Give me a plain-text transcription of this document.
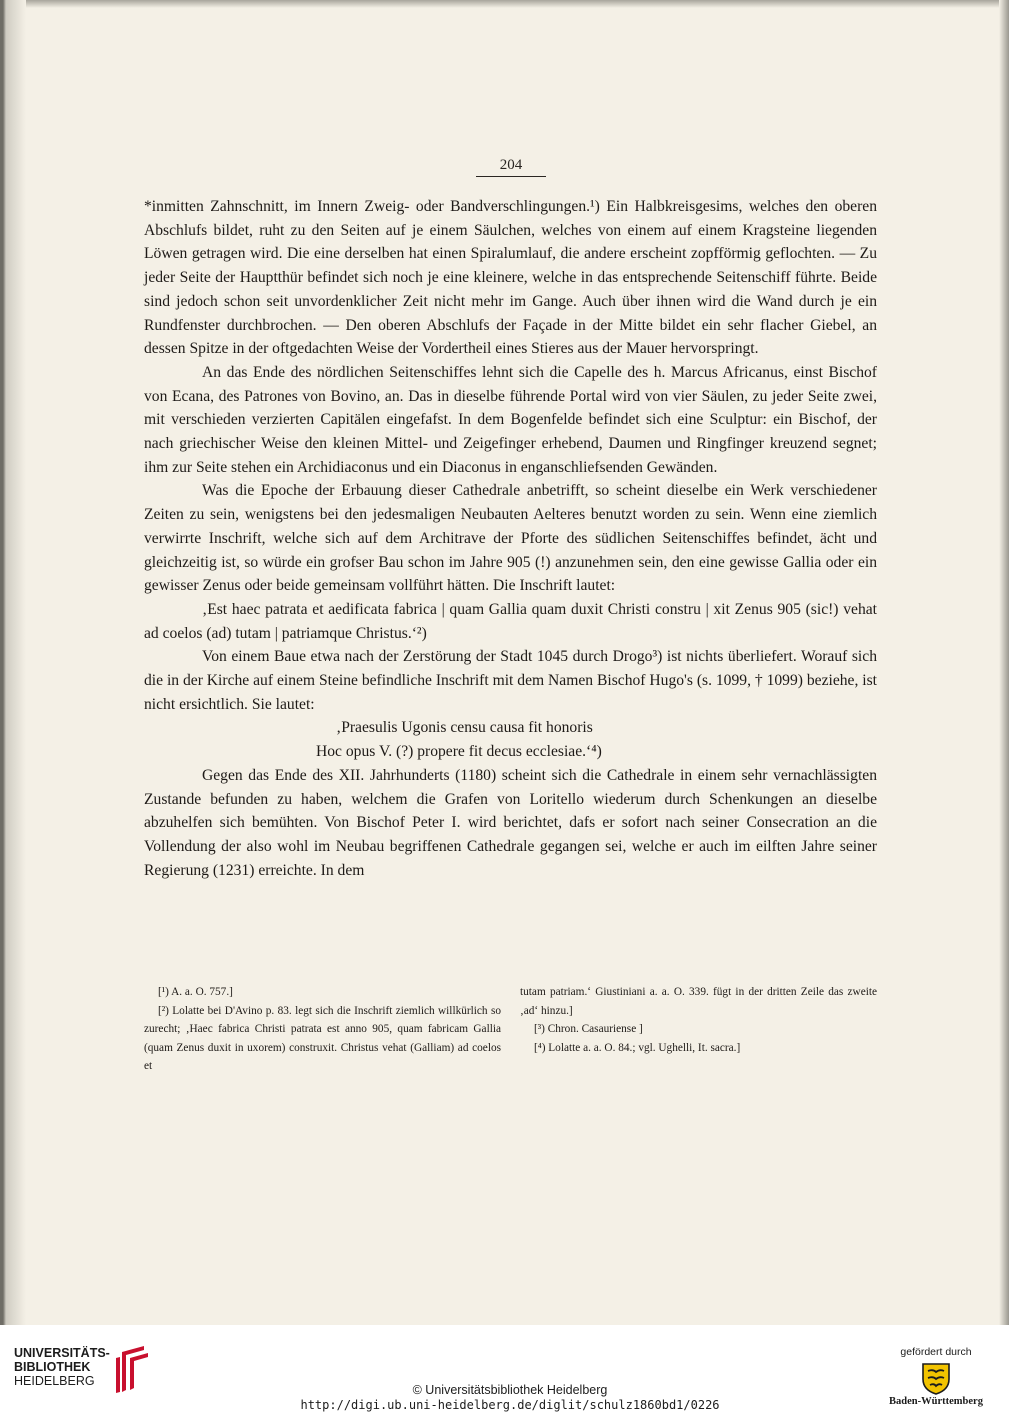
204

*inmitten Zahnschnitt, im Innern Zweig- oder Bandverschlingungen.¹) Ein Halbkreisgesims, welches den oberen Abschlufs bildet, ruht zu den Seiten auf je einem Säulchen, welches von einem auf einem Kragsteine liegenden Löwen getragen wird. Die eine derselben hat einen Spiralumlauf, die andere erscheint zopfförmig geflochten. — Zu jeder Seite der Hauptthür befindet sich noch je eine kleinere, welche in das entsprechende Seitenschiff führte. Beide sind jedoch schon seit unvordenklicher Zeit nicht mehr im Gange. Auch über ihnen wird die Wand durch je ein Rundfenster durchbrochen. — Den oberen Abschlufs der Façade in der Mitte bildet ein sehr flacher Giebel, an dessen Spitze in der oftgedachten Weise der Vordertheil eines Stieres aus der Mauer hervorspringt.

An das Ende des nördlichen Seitenschiffes lehnt sich die Capelle des h. Marcus Africanus, einst Bischof von Ecana, des Patrones von Bovino, an. Das in dieselbe führende Portal wird von vier Säulen, zu jeder Seite zwei, mit verschieden verzierten Capitälen eingefafst. In dem Bogenfelde befindet sich eine Sculptur: ein Bischof, der nach griechischer Weise den kleinen Mittel- und Zeigefinger erhebend, Daumen und Ringfinger kreuzend segnet; ihm zur Seite stehen ein Archidiaconus und ein Diaconus in enganschliefsenden Gewänden.

Was die Epoche der Erbauung dieser Cathedrale anbetrifft, so scheint dieselbe ein Werk verschiedener Zeiten zu sein, wenigstens bei den jedesmaligen Neubauten Aelteres benutzt worden zu sein. Wenn eine ziemlich verwirrte Inschrift, welche sich auf dem Architrave der Pforte des südlichen Seitenschiffes befindet, ächt und gleichzeitig ist, so würde ein grofser Bau schon im Jahre 905 (!) anzunehmen sein, den eine gewisse Gallia oder ein gewisser Zenus oder beide gemeinsam vollführt hätten. Die Inschrift lautet:

‚Est haec patrata et aedificata fabrica | quam Gallia quam duxit Christi constru | xit Zenus 905 (sic!) vehat ad coelos (ad) tutam | patriamque Christus.‘²)

Von einem Baue etwa nach der Zerstörung der Stadt 1045 durch Drogo³) ist nichts überliefert. Worauf sich die in der Kirche auf einem Steine befindliche Inschrift mit dem Namen Bischof Hugo's (s. 1099, † 1099) beziehe, ist nicht ersichtlich. Sie lautet:

‚Praesulis Ugonis censu causa fit honoris

Hoc opus V. (?) propere fit decus ecclesiae.‘⁴)

Gegen das Ende des XII. Jahrhunderts (1180) scheint sich die Cathedrale in einem sehr vernachlässigten Zustande befunden zu haben, welchem die Grafen von Loritello wiederum durch Schenkungen an dieselbe abzuhelfen sich bemühten. Von Bischof Peter I. wird berichtet, dafs er sofort nach seiner Consecration an die Vollendung der also wohl im Neubau begriffenen Cathedrale gegangen sei, welche er auch im eilften Jahre seiner Regierung (1231) erreichte. In dem

[¹) A. a. O. 757.]

[²) Lolatte bei D'Avino p. 83. legt sich die Inschrift ziemlich willkürlich so zurecht; ‚Haec fabrica Christi patrata est anno 905, quam fabricam Gallia (quam Zenus duxit in uxorem) construxit. Christus vehat (Galliam) ad coelos et

tutam patriam.‘ Giustiniani a. a. O. 339. fügt in der dritten Zeile das zweite ‚ad‘ hinzu.]

[³) Chron. Casauriense ]

[⁴) Lolatte a. a. O. 84.; vgl. Ughelli, It. sacra.]

UNIVERSITÄTS-
BIBLIOTHEK
HEIDELBERG
© Universitätsbibliothek Heidelberg
http://digi.ub.uni-heidelberg.de/diglit/schulz1860bd1/0226
gefördert durch
Baden-Württemberg
